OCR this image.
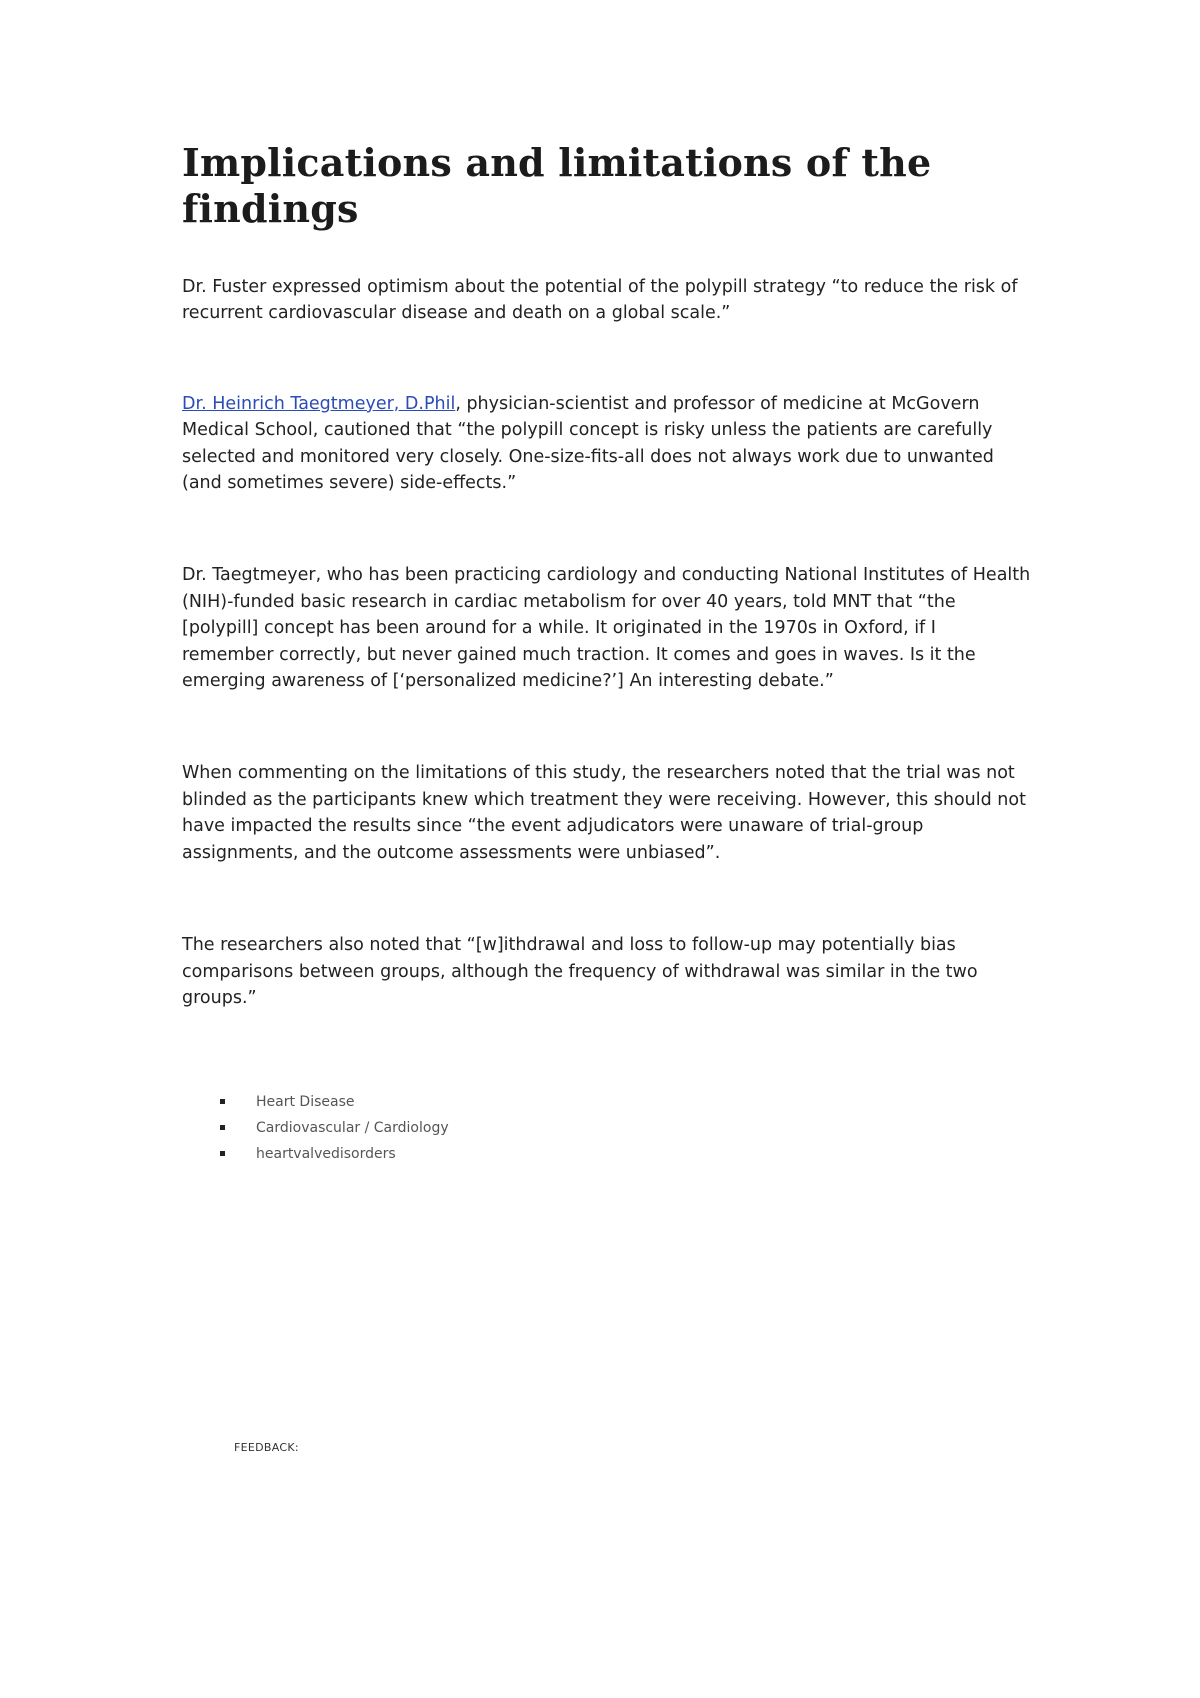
Implications and limitations of the findings

Dr. Fuster expressed optimism about the potential of the polypill strategy “to reduce the risk of recurrent cardiovascular disease and death on a global scale.”

Dr. Heinrich Taegtmeyer, D.Phil, physician-scientist and professor of medicine at McGovern Medical School, cautioned that “the polypill concept is risky unless the patients are carefully selected and monitored very closely. One-size-fits-all does not always work due to unwanted (and sometimes severe) side-effects.”

Dr. Taegtmeyer, who has been practicing cardiology and conducting National Institutes of Health (NIH)-funded basic research in cardiac metabolism for over 40 years, told MNT that “the [polypill] concept has been around for a while. It originated in the 1970s in Oxford, if I remember correctly, but never gained much traction. It comes and goes in waves. Is it the emerging awareness of [‘personalized medicine?’] An interesting debate.”

When commenting on the limitations of this study, the researchers noted that the trial was not blinded as the participants knew which treatment they were receiving. However, this should not have impacted the results since “the event adjudicators were unaware of trial-group assignments, and the outcome assessments were unbiased”.

The researchers also noted that “[w]ithdrawal and loss to follow-up may potentially bias comparisons between groups, although the frequency of withdrawal was similar in the two groups.”

Heart Disease
Cardiovascular / Cardiology
heartvalvedisorders
FEEDBACK:
